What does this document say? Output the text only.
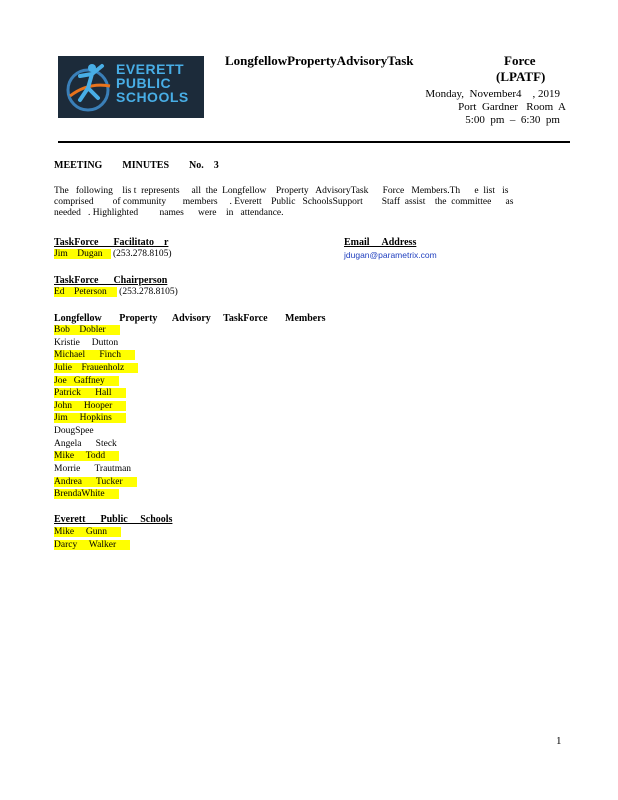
EVERETT
PUBLIC
SCHOOLS
LongfellowPropertyAdvisoryTask	Force
(LPATF)
Monday,  November4    , 2019
Port  Gardner   Room  A
5:00  pm  –  6:30  pm
MEETING        MINUTES        No.    3
The   following    lis t  represents     all  the  Longfellow    Property   AdvisoryTask      Force   Members.Th      e  list   is
comprised        of community       members     . Everett    Public   SchoolsSupport        Staff  assist    the  committee      as
needed   . Highlighted         names      were    in   attendance.
TaskForce      Facilitato    r
Jim    Dugan (253.278.8105)
Email     Address
jdugan@parametrix.com
TaskForce      Chairperson
Ed    Peterson (253.278.8105)
Longfellow       Property      Advisory     TaskForce       Members
Bob    Dobler
Kristie     Dutton
Michael      Finch
Julie    Frauenholz
Joe   Gaffney
Patrick      Hall
John     Hooper
Jim     Hopkins
DougSpee
Angela      Steck
Mike     Todd
Morrie      Trautman
Andrea      Tucker
BrendaWhite
Everett      Public     Schools
Mike     Gunn
Darcy     Walker
1
